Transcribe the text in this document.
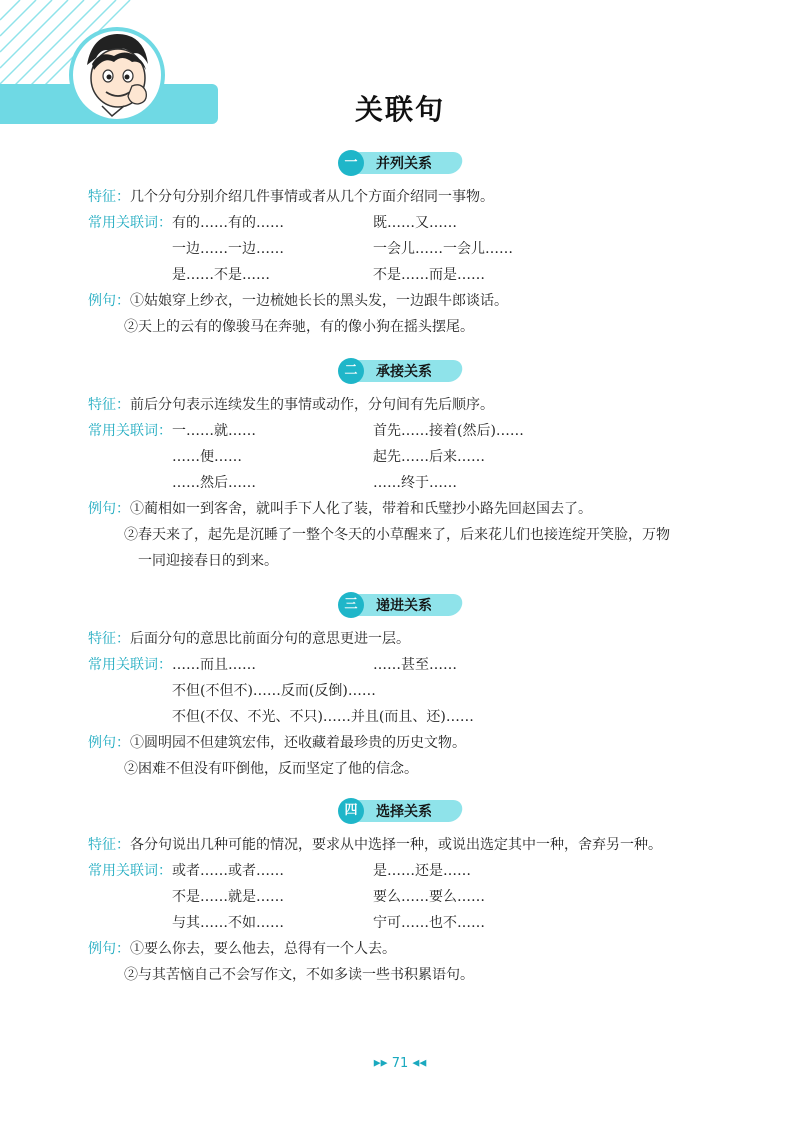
关联句
一	并列关系
特征：几个分句分别介绍几件事情或者从几个方面介绍同一事物。
常用关联词：有的……有的……	既……又……
一边……一边……	一会儿……一会儿……
是……不是……	不是……而是……
例句：①姑娘穿上纱衣，一边梳她长长的黑头发，一边跟牛郎谈话。
②天上的云有的像骏马在奔驰，有的像小狗在摇头摆尾。
二	承接关系
特征：前后分句表示连续发生的事情或动作，分句间有先后顺序。
常用关联词：一……就……	首先……接着(然后)……
……便……	起先……后来……
……然后……	……终于……
例句：①蔺相如一到客舍，就叫手下人化了装，带着和氏璧抄小路先回赵国去了。
②春天来了，起先是沉睡了一整个冬天的小草醒来了，后来花儿们也接连绽开笑脸，万物
一同迎接春日的到来。
三	递进关系
特征：后面分句的意思比前面分句的意思更进一层。
常用关联词：……而且……	……甚至……
不但(不但不)……反而(反倒)……
不但(不仅、不光、不只)……并且(而且、还)……
例句：①圆明园不但建筑宏伟，还收藏着最珍贵的历史文物。
②困难不但没有吓倒他，反而坚定了他的信念。
四	选择关系
特征：各分句说出几种可能的情况，要求从中选择一种，或说出选定其中一种，舍弃另一种。
常用关联词：或者……或者……	是……还是……
不是……就是……	要么……要么……
与其……不如……	宁可……也不……
例句：①要么你去，要么他去，总得有一个人去。
②与其苦恼自己不会写作文，不如多读一些书积累语句。
▶▶ 71 ◀◀
